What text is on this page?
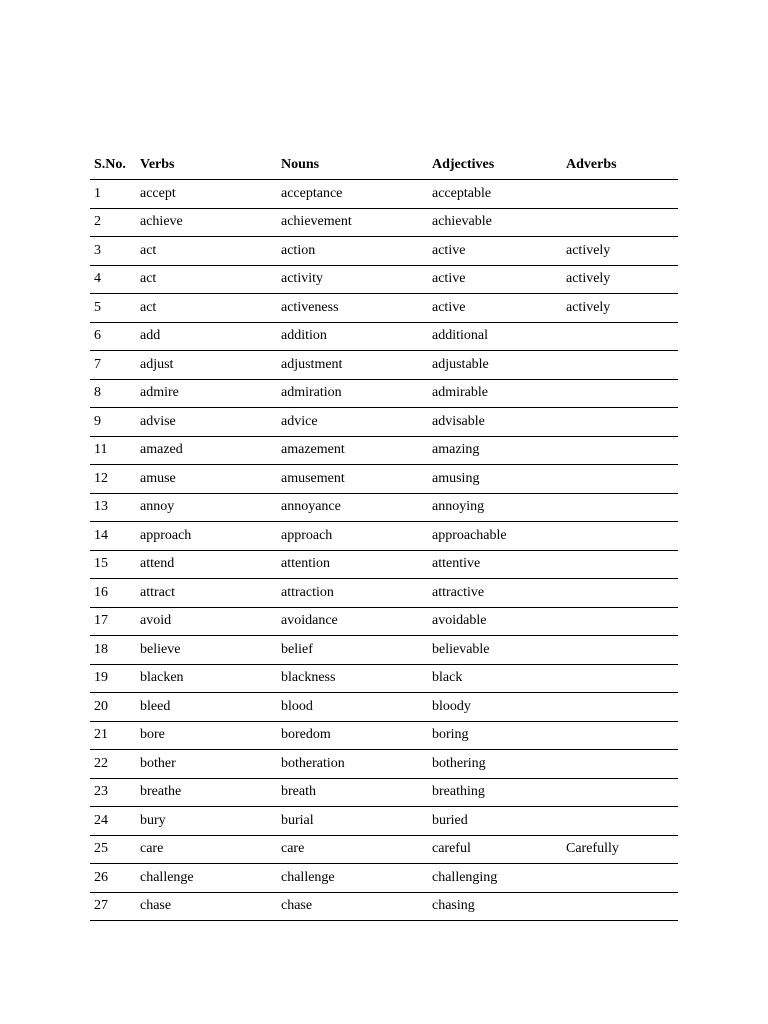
S.No.	Verbs	Nouns	Adjectives	Adverbs
1	accept	acceptance	acceptable	
2	achieve	achievement	achievable	
3	act	action	active	actively
4	act	activity	active	actively
5	act	activeness	active	actively
6	add	addition	additional	
7	adjust	adjustment	adjustable	
8	admire	admiration	admirable	
9	advise	advice	advisable	
11	amazed	amazement	amazing	
12	amuse	amusement	amusing	
13	annoy	annoyance	annoying	
14	approach	approach	approachable	
15	attend	attention	attentive	
16	attract	attraction	attractive	
17	avoid	avoidance	avoidable	
18	believe	belief	believable	
19	blacken	blackness	black	
20	bleed	blood	bloody	
21	bore	boredom	boring	
22	bother	botheration	bothering	
23	breathe	breath	breathing	
24	bury	burial	buried	
25	care	care	careful	Carefully
26	challenge	challenge	challenging	
27	chase	chase	chasing	
